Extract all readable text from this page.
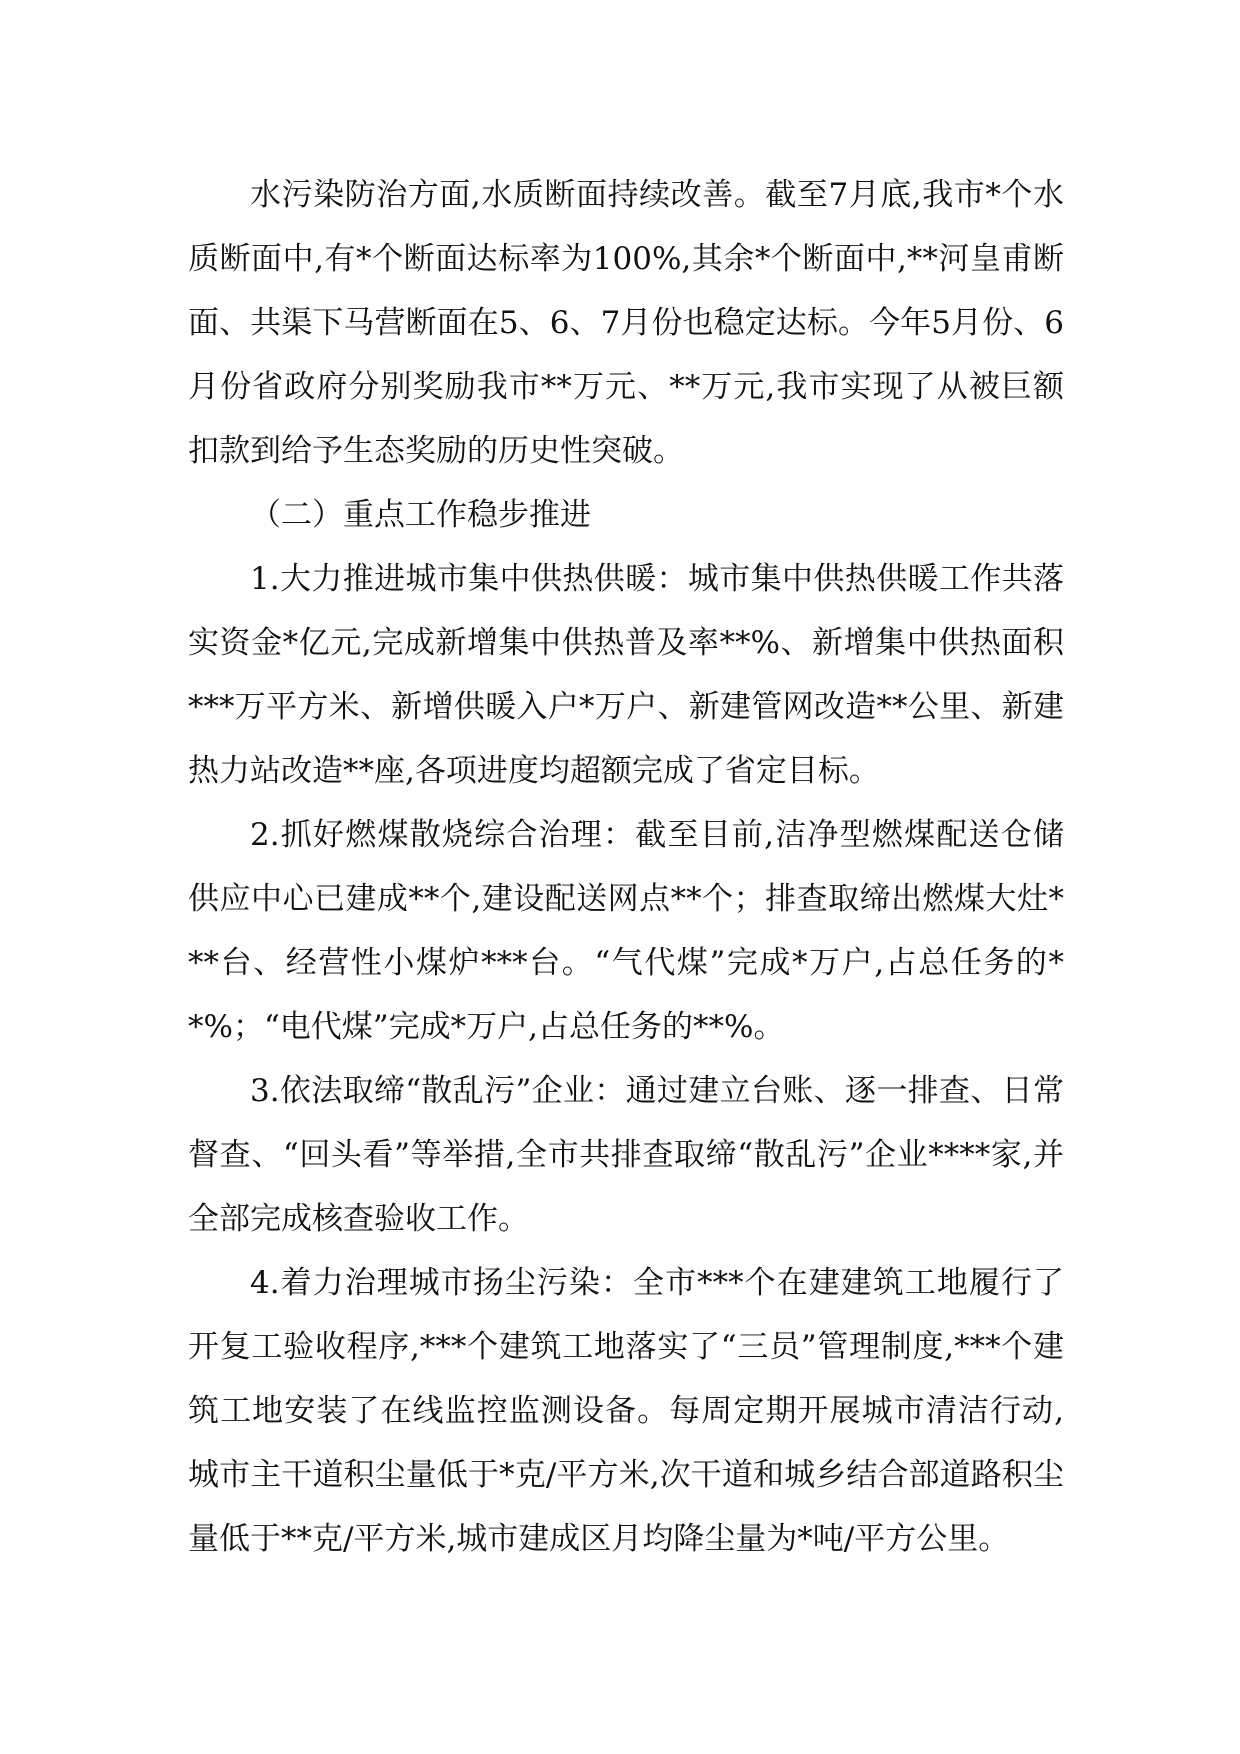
水污染防治方面,水质断面持续改善。截至7月底,我市*个水质断面中,有*个断面达标率为100%,其余*个断面中,**河皇甫断面、共渠下马营断面在5、6、7月份也稳定达标。今年5月份、6月份省政府分别奖励我市**万元、**万元,我市实现了从被巨额扣款到给予生态奖励的历史性突破。

（二）重点工作稳步推进

1.大力推进城市集中供热供暖：城市集中供热供暖工作共落实资金*亿元,完成新增集中供热普及率**%、新增集中供热面积***万平方米、新增供暖入户*万户、新建管网改造**公里、新建热力站改造**座,各项进度均超额完成了省定目标。

2.抓好燃煤散烧综合治理：截至目前,洁净型燃煤配送仓储供应中心已建成**个,建设配送网点**个；排查取缔出燃煤大灶***台、经营性小煤炉***台。“气代煤”完成*万户,占总任务的**%；“电代煤”完成*万户,占总任务的**%。

3.依法取缔“散乱污”企业：通过建立台账、逐一排查、日常督查、“回头看”等举措,全市共排查取缔“散乱污”企业****家,并全部完成核查验收工作。

4.着力治理城市扬尘污染：全市***个在建建筑工地履行了开复工验收程序,***个建筑工地落实了“三员”管理制度,***个建筑工地安装了在线监控监测设备。每周定期开展城市清洁行动,城市主干道积尘量低于*克/平方米,次干道和城乡结合部道路积尘量低于**克/平方米,城市建成区月均降尘量为*吨/平方公里。
